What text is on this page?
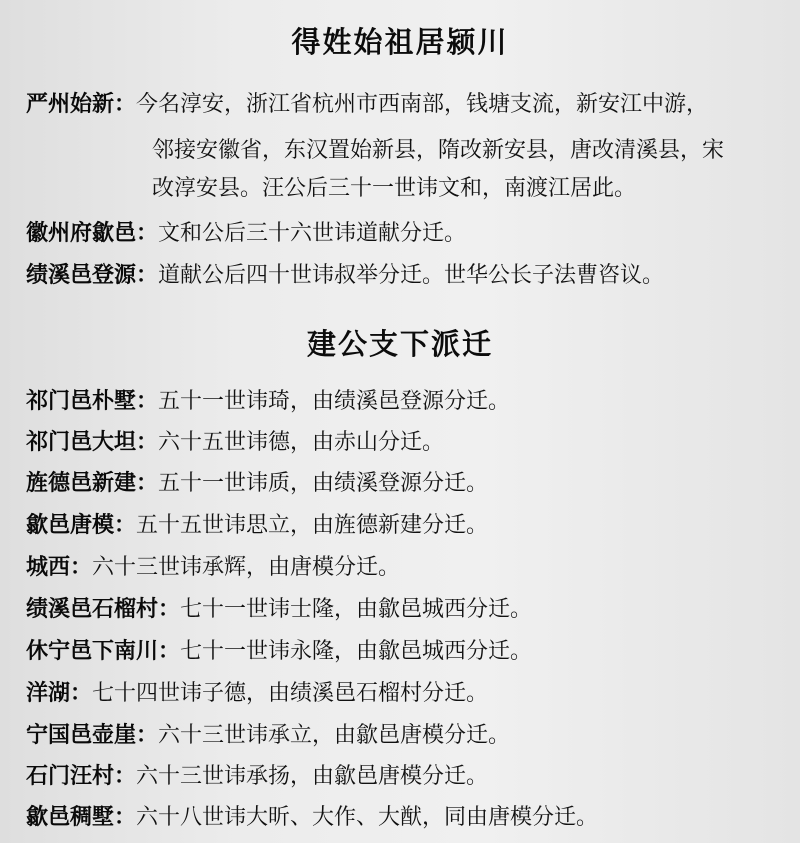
得姓始祖居颍川
严州始新：今名淳安，浙江省杭州市西南部，钱塘支流，新安江中游，
邻接安徽省，东汉置始新县，隋改新安县，唐改清溪县，宋
改淳安县。汪公后三十一世讳文和，南渡江居此。
徽州府歙邑：文和公后三十六世讳道献分迁。
绩溪邑登源：道献公后四十世讳叔举分迁。世华公长子法曹咨议。
建公支下派迁
祁门邑朴墅：五十一世讳琦，由绩溪邑登源分迁。
祁门邑大坦：六十五世讳德，由赤山分迁。
旌德邑新建：五十一世讳质，由绩溪登源分迁。
歙邑唐模：五十五世讳思立，由旌德新建分迁。
城西：六十三世讳承辉，由唐模分迁。
绩溪邑石榴村：七十一世讳士隆，由歙邑城西分迁。
休宁邑下南川：七十一世讳永隆，由歙邑城西分迁。
洋湖：七十四世讳子德，由绩溪邑石榴村分迁。
宁国邑壶崖：六十三世讳承立，由歙邑唐模分迁。
石门汪村：六十三世讳承扬，由歙邑唐模分迁。
歙邑稠墅：六十八世讳大昕、大作、大猷，同由唐模分迁。
